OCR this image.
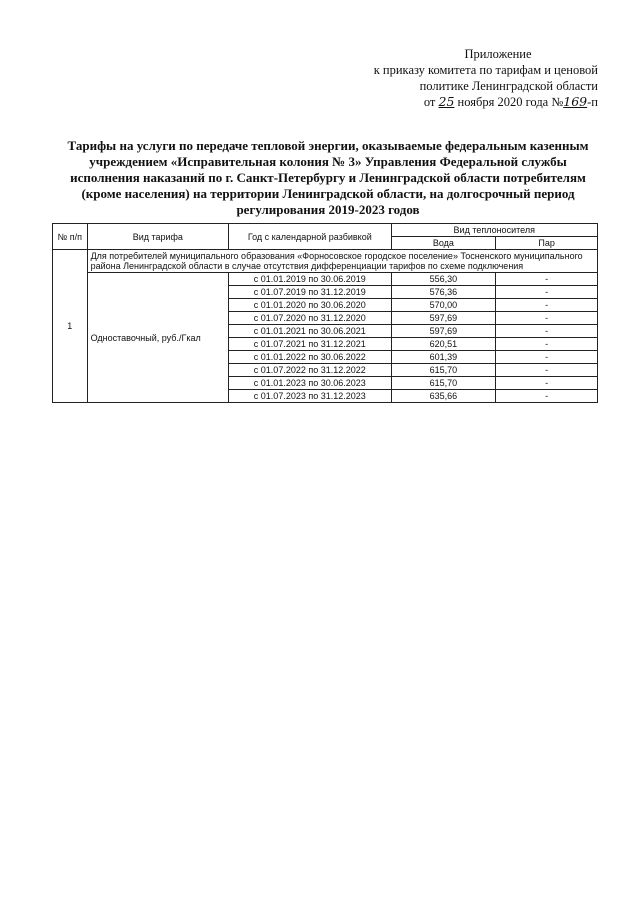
Приложение
к приказу комитета по тарифам и ценовой
политике Ленинградской области
от 25 ноября 2020 года №169-п
Тарифы на услуги по передаче тепловой энергии, оказываемые федеральным казенным учреждением «Исправительная колония № 3» Управления Федеральной службы исполнения наказаний по г. Санкт-Петербургу и Ленинградской области потребителям (кроме населения) на территории Ленинградской области, на долгосрочный период регулирования 2019-2023 годов
№ п/п	Вид тарифа	Год с календарной разбивкой	Вид теплоносителя	
			Вода	Пар
1	Для потребителей муниципального образования «Форносовское городское поселение» Тосненского муниципального района Ленинградской области в случае отсутствия дифференциации тарифов по схеме подключения			
	Одноставочный, руб./Гкал	с 01.01.2019 по 30.06.2019	556,30	-
		с 01.07.2019 по 31.12.2019	576,36	-
		с 01.01.2020 по 30.06.2020	570,00	-
		с 01.07.2020 по 31.12.2020	597,69	-
		с 01.01.2021 по 30.06.2021	597,69	-
		с 01.07.2021 по 31.12.2021	620,51	-
		с 01.01.2022 по 30.06.2022	601,39	-
		с 01.07.2022 по 31.12.2022	615,70	-
		с 01.01.2023 по 30.06.2023	615,70	-
		с 01.07.2023 по 31.12.2023	635,66	-
